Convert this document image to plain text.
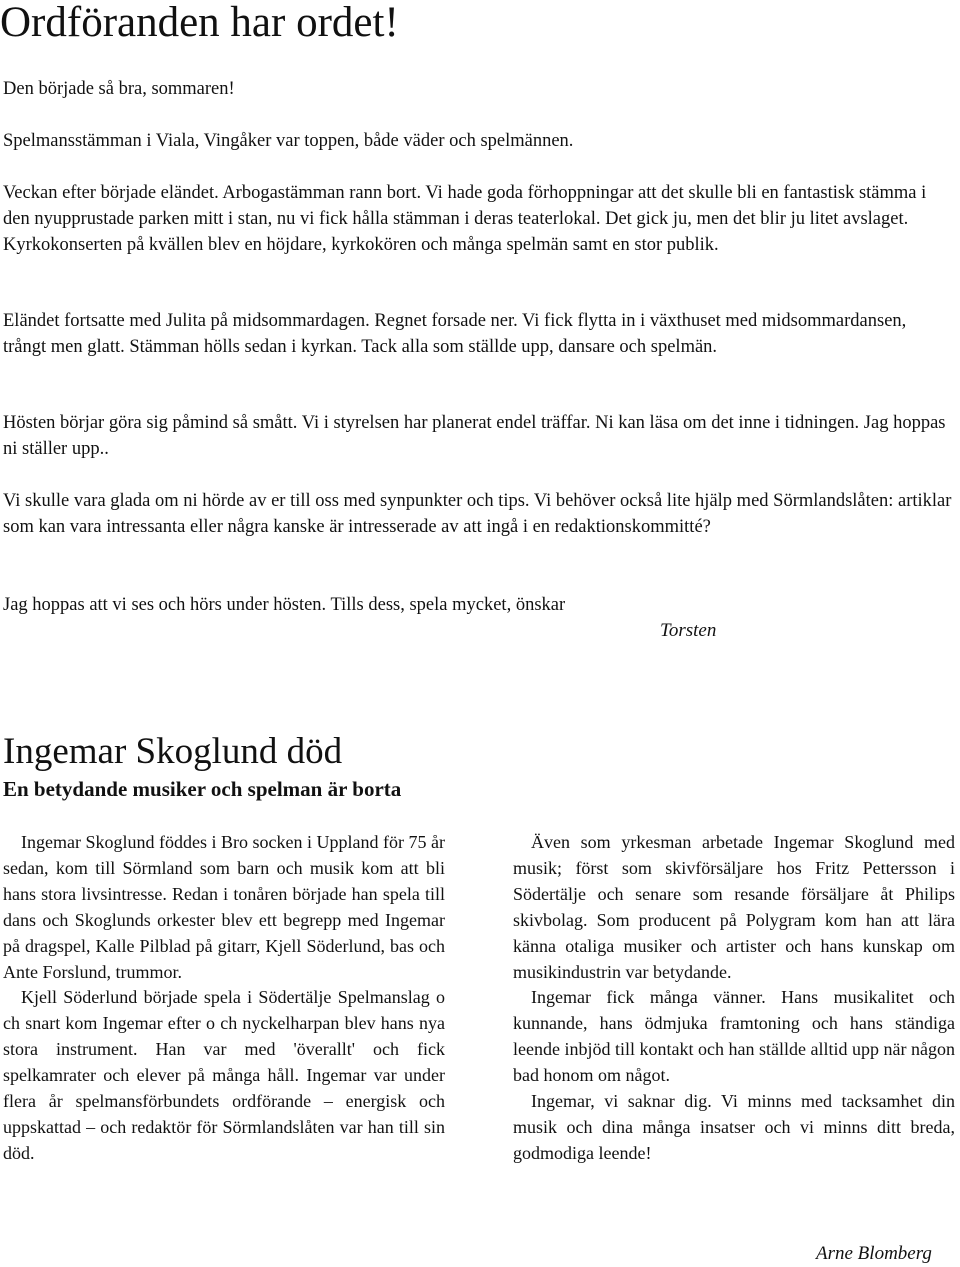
Ordföranden har ordet!

Den började så bra, sommaren!

Spelmansstämman i Viala, Vingåker var toppen, både väder och spelmännen.

Veckan efter började eländet. Arbogastämman rann bort. Vi hade goda förhoppningar att det skulle bli en fantastisk stämma i den nyupprustade parken mitt i stan, nu vi fick hålla stämman i deras teaterlokal. Det gick ju, men det blir ju litet avslaget. Kyrkokonserten på kvällen blev en höjdare, kyrkokören och många spelmän samt en stor publik.

Eländet fortsatte med Julita på midsommardagen. Regnet forsade ner. Vi fick flytta in i växthuset med midsommardansen, trångt men glatt. Stämman hölls sedan i kyrkan. Tack alla som ställde upp, dansare och spelmän.

Hösten börjar göra sig påmind så smått. Vi i styrelsen har planerat endel träffar. Ni kan läsa om det inne i tidningen. Jag hoppas ni ställer upp..

Vi skulle vara glada om ni hörde av er till oss med synpunkter och tips. Vi behöver också lite hjälp med Sörmlandslåten: artiklar som kan vara intressanta eller några kanske är intresserade av att ingå i en redaktionskommitté?

Jag hoppas att vi ses och hörs under hösten. Tills dess, spela mycket, önskar

Torsten

Ingemar Skoglund död

En betydande musiker och spelman är borta

Ingemar Skoglund föddes i Bro socken i Uppland för 75 år sedan, kom till Sörmland som barn och musik kom att bli hans stora livsintresse. Redan i tonåren började han spela till dans och Skoglunds orkester blev ett begrepp med Ingemar på dragspel, Kalle Pilblad på gitarr, Kjell Söderlund, bas och Ante Forslund, trummor.

Kjell Söderlund började spela i Södertälje Spelmanslag o ch snart kom Ingemar efter o ch nyckelharpan blev hans nya stora instrument. Han var med 'överallt' och fick spelkamrater och elever på många håll. Ingemar var under flera år spelmansförbundets ordförande – energisk och uppskattad – och redaktör för Sörmlandslåten var han till sin död.

Även som yrkesman arbetade Ingemar Skoglund med musik; först som skivförsäljare hos Fritz Pettersson i Södertälje och senare som resande försäljare åt Philips skivbolag. Som producent på Polygram kom han att lära känna otaliga musiker och artister och hans kunskap om musikindustrin var betydande.

Ingemar fick många vänner. Hans musikalitet och kunnande, hans ödmjuka framtoning och hans ständiga leende inbjöd till kontakt och han ställde alltid upp när någon bad honom om något.

Ingemar, vi saknar dig. Vi minns med tacksamhet din musik och dina många insatser och vi minns ditt breda, godmodiga leende!

Arne Blomberg
